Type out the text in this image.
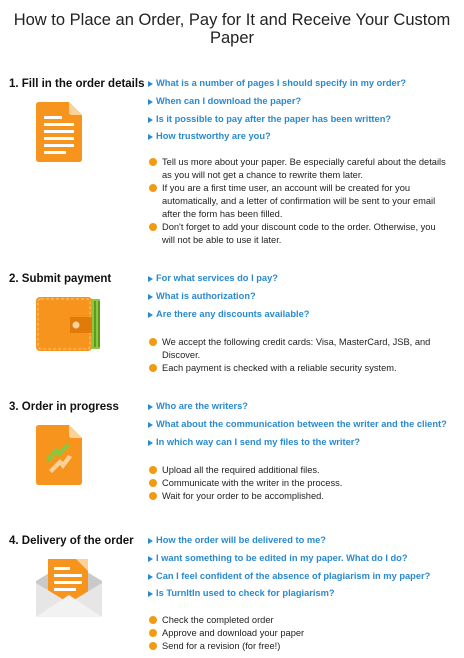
How to Place an Order, Pay for It and Receive Your Custom Paper
1. Fill in the order details	What is a number of pages I should specify in my order?
When can I download the paper?
Is it possible to pay after the paper has been written?
How trustworthy are you?
Tell us more about your paper. Be especially careful about the details as you will not get a chance to rewrite them later.
If you are a first time user, an account will be created for you automatically, and a letter of confirmation will be sent to your email after the form has been filled.
Don't forget to add your discount code to the order. Otherwise, you will not be able to use it later.
2. Submit payment	For what services do I pay?
What is authorization?
Are there any discounts available?
We accept the following credit cards: Visa, MasterCard, JSB, and Discover.
Each payment is checked with a reliable security system.
3. Order in progress	Who are the writers?
What about the communication between the writer and the client?
In which way can I send my files to the writer?
Upload all the required additional files.
Communicate with the writer in the process.
Wait for your order to be accomplished.
4. Delivery of the order	How the order will be delivered to me?
I want something to be edited in my paper. What do I do?
Can I feel confident of the absence of plagiarism in my paper?
Is TurnItIn used to check for plagiarism?
Check the completed order
Approve and download your paper
Send for a revision (for free!)
